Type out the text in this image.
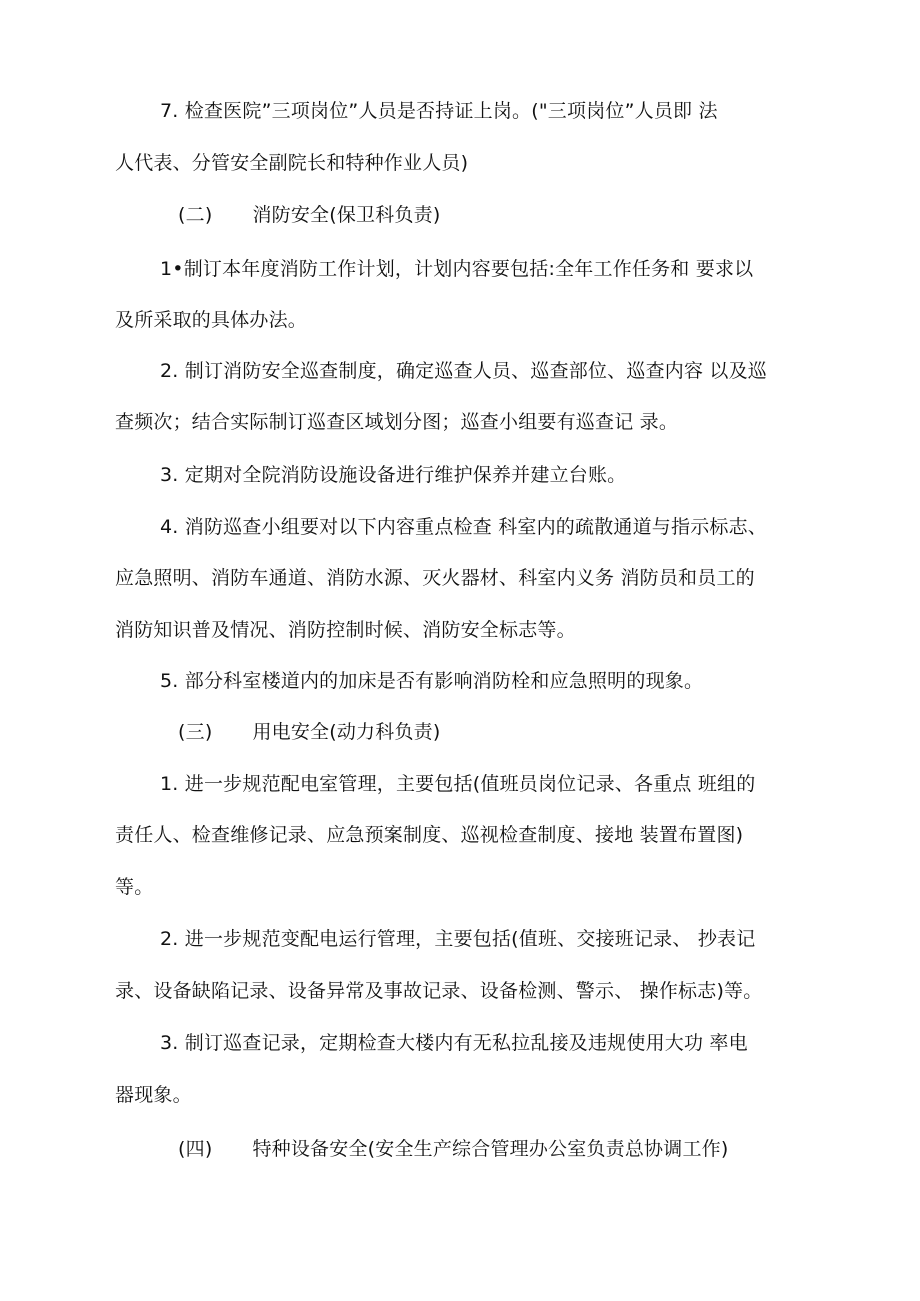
7. 检查医院”三项岗位”人员是否持证上岗。("三项岗位”人员即 法
人代表、分管安全副院长和特种作业人员)
(二) 消防安全(保卫科负责)
1•制订本年度消防工作计划，计划内容要包括:全年工作任务和 要求以
及所采取的具体办法。
2. 制订消防安全巡查制度，确定巡查人员、巡查部位、巡查内容 以及巡
查频次；结合实际制订巡查区域划分图；巡查小组要有巡查记 录。
3. 定期对全院消防设施设备进行维护保养并建立台账。
4. 消防巡查小组要对以下内容重点检查 科室内的疏散通道与指示标志、
应急照明、消防车通道、消防水源、灭火器材、科室内义务 消防员和员工的
消防知识普及情况、消防控制时候、消防安全标志等。
5. 部分科室楼道内的加床是否有影响消防栓和应急照明的现象。
(三) 用电安全(动力科负责)
1. 进一步规范配电室管理，主要包括(值班员岗位记录、各重点 班组的
责任人、检查维修记录、应急预案制度、巡视检查制度、接地 装置布置图)
等。
2. 进一步规范变配电运行管理，主要包括(值班、交接班记录、 抄表记
录、设备缺陷记录、设备异常及事故记录、设备检测、警示、 操作标志)等。
3. 制订巡查记录，定期检查大楼内有无私拉乱接及违规使用大功 率电
器现象。
(四) 特种设备安全(安全生产综合管理办公室负责总协调工作)
